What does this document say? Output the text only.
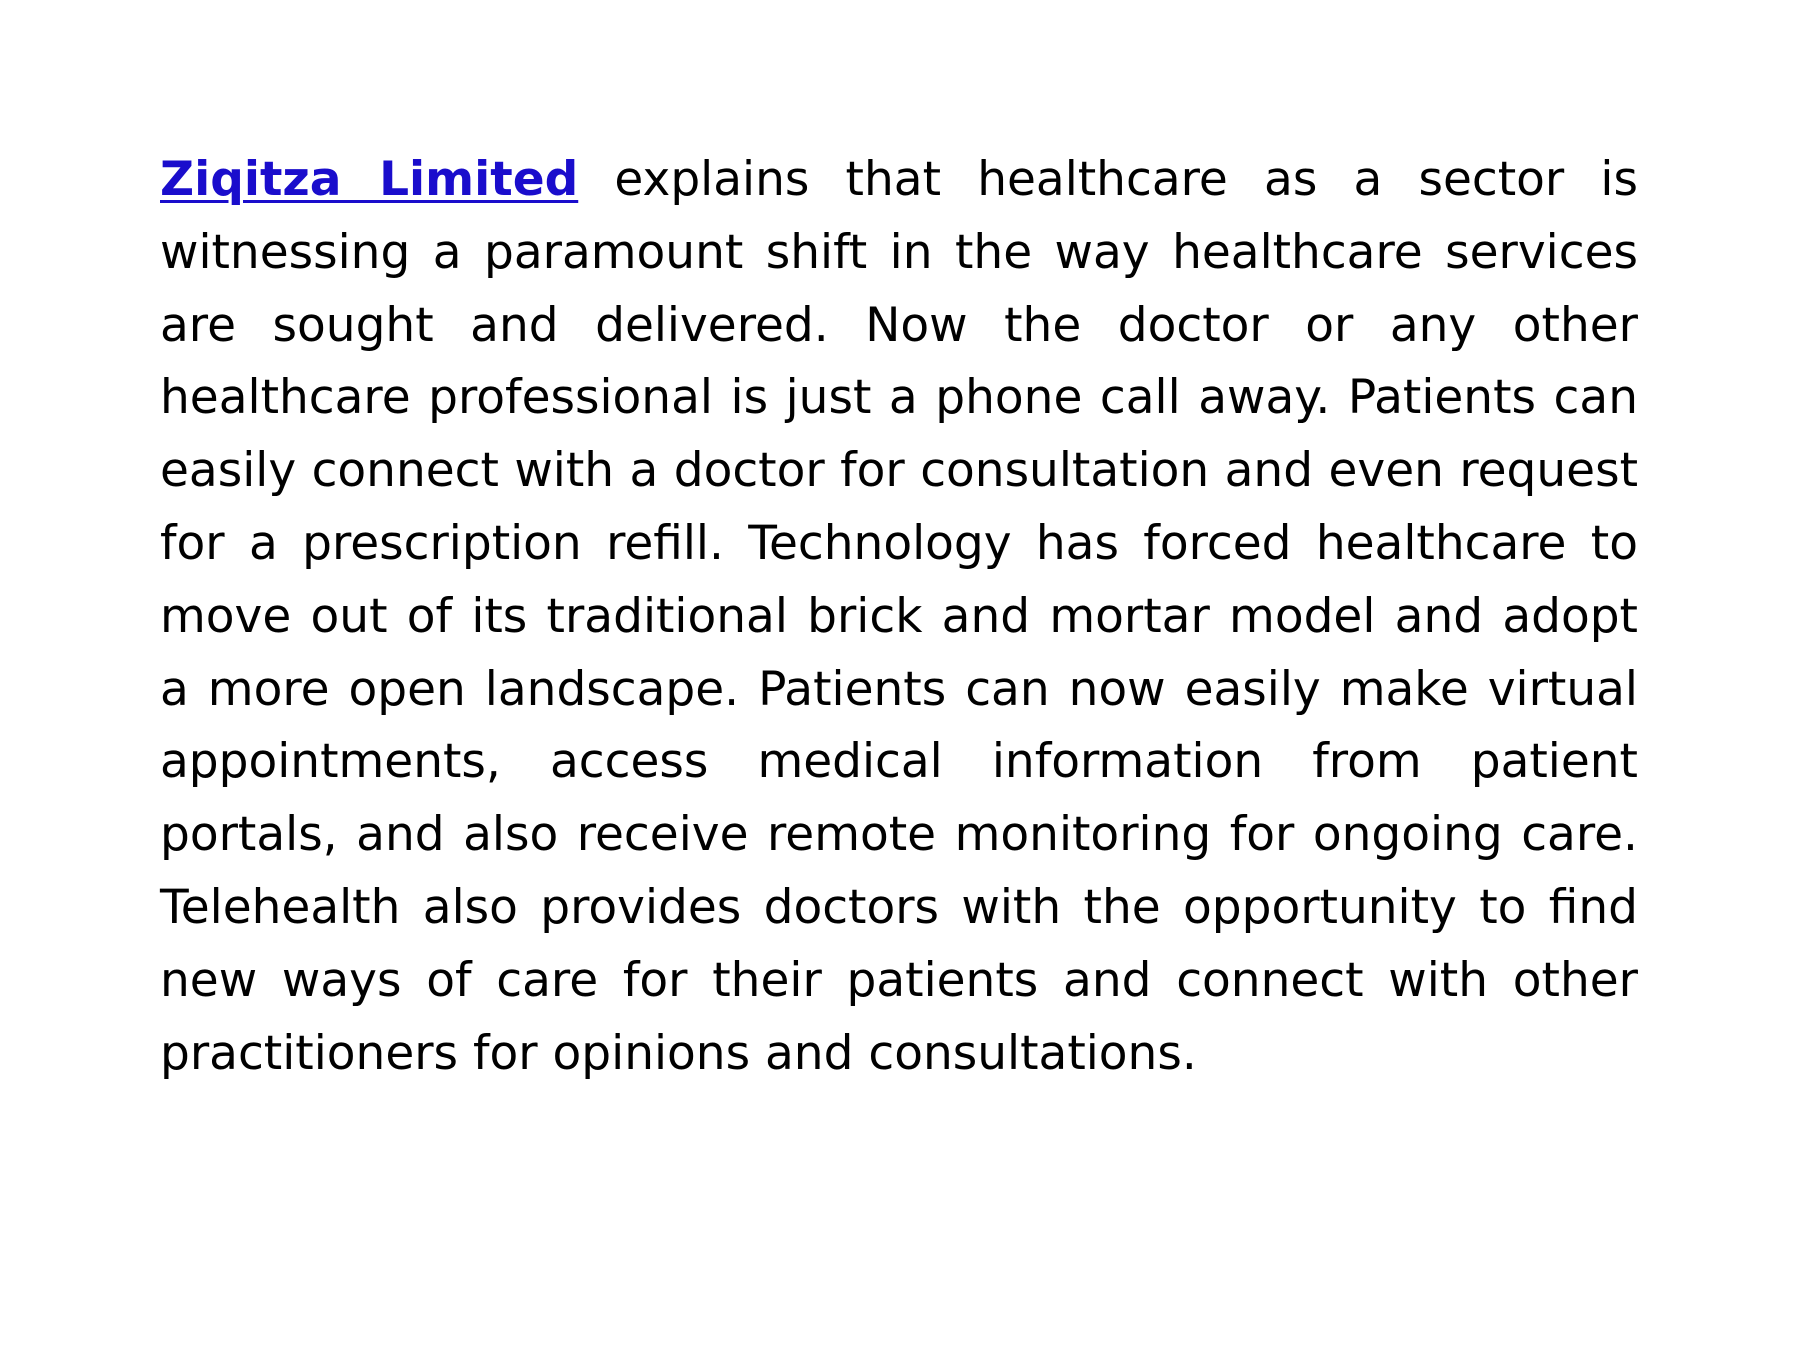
Ziqitza Limited explains that healthcare as a sector is witnessing a paramount shift in the way healthcare services are sought and delivered. Now the doctor or any other healthcare professional is just a phone call away. Patients can easily connect with a doctor for consultation and even request for a prescription refill. Technology has forced healthcare to move out of its traditional brick and mortar model and adopt a more open landscape. Patients can now easily make virtual appointments, access medical information from patient portals, and also receive remote monitoring for ongoing care. Telehealth also provides doctors with the opportunity to find new ways of care for their patients and connect with other practitioners for opinions and consultations.
